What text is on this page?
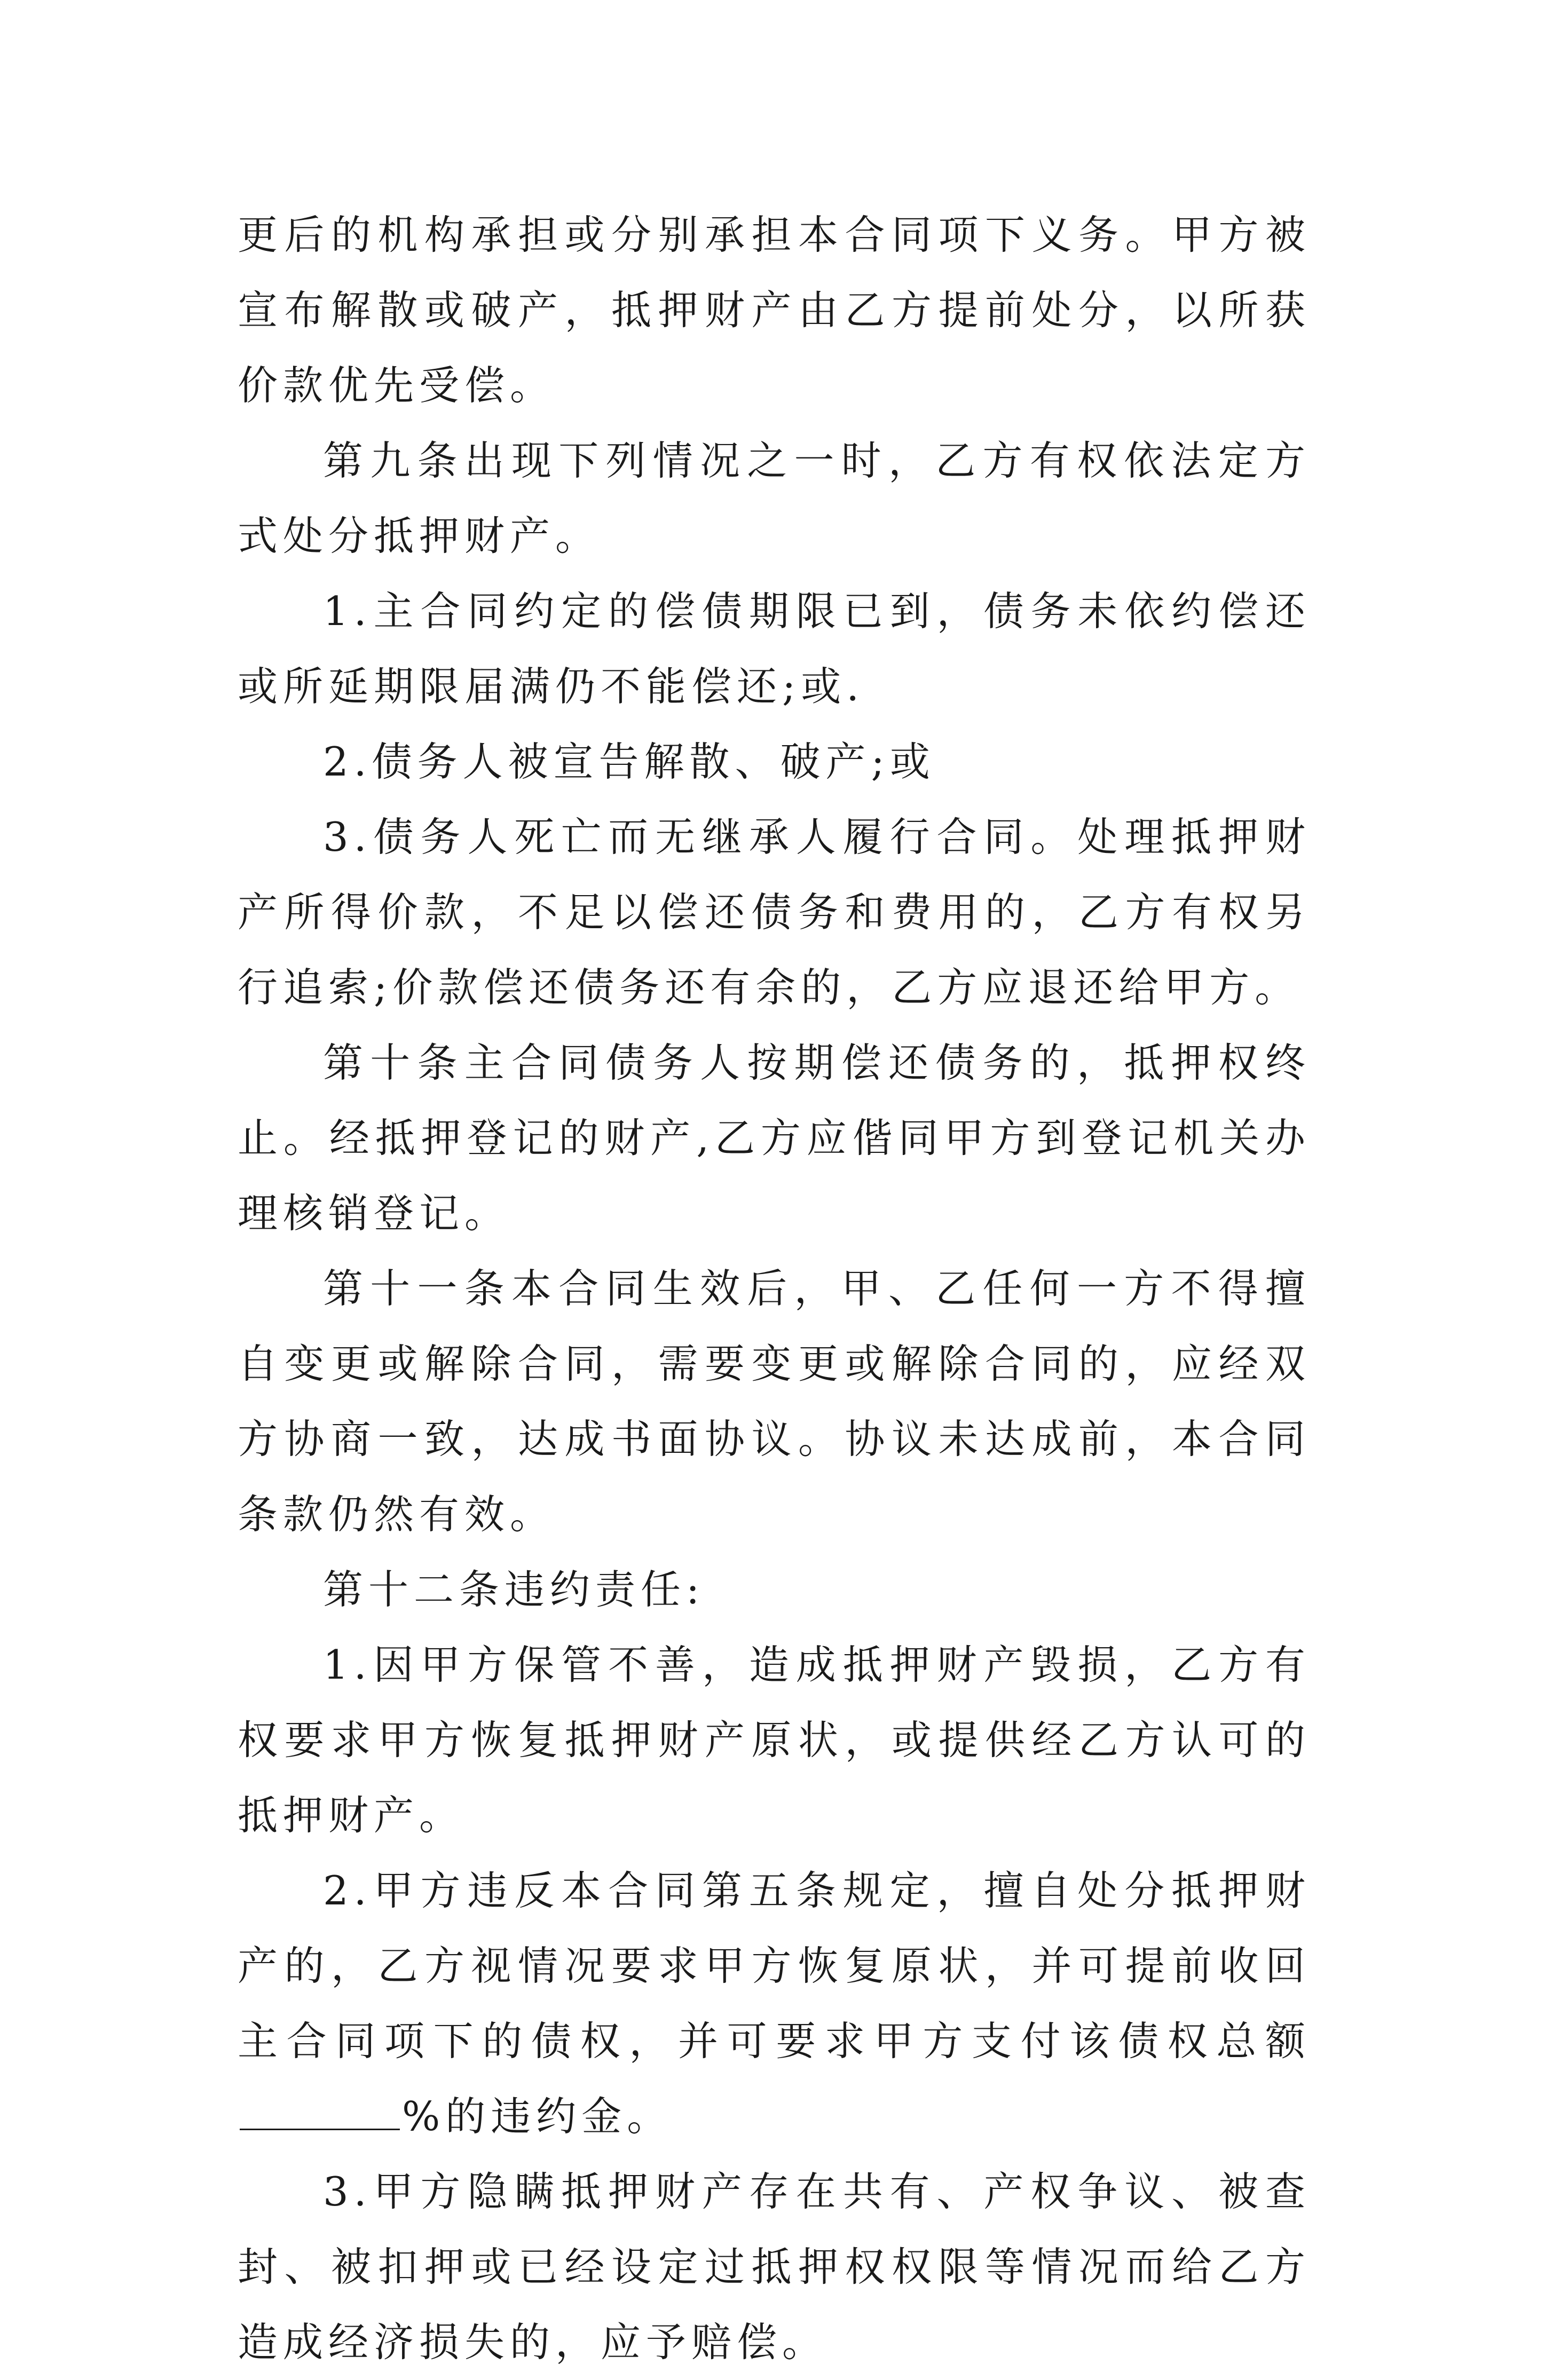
更后的机构承担或分别承担本合同项下义务。甲方被宣布解散或破产，抵押财产由乙方提前处分，以所获价款优先受偿。

第九条出现下列情况之一时，乙方有权依法定方式处分抵押财产。

1.主合同约定的偿债期限已到，债务未依约偿还或所延期限届满仍不能偿还;或.

2.债务人被宣告解散、破产;或

3.债务人死亡而无继承人履行合同。处理抵押财产所得价款，不足以偿还债务和费用的，乙方有权另行追索;价款偿还债务还有余的，乙方应退还给甲方。

第十条主合同债务人按期偿还债务的，抵押权终止。经抵押登记的财产,乙方应偕同甲方到登记机关办理核销登记。

第十一条本合同生效后，甲、乙任何一方不得擅自变更或解除合同，需要变更或解除合同的，应经双方协商一致，达成书面协议。协议未达成前，本合同条款仍然有效。

第十二条违约责任:

1.因甲方保管不善，造成抵押财产毁损，乙方有权要求甲方恢复抵押财产原状，或提供经乙方认可的抵押财产。

2.甲方违反本合同第五条规定，擅自处分抵押财产的，乙方视情况要求甲方恢复原状，并可提前收回主合同项下的债权，并可要求甲方支付该债权总额%的违约金。

3.甲方隐瞒抵押财产存在共有、产权争议、被查封、被扣押或已经设定过抵押权权限等情况而给乙方造成经济损失的，应予赔偿。
